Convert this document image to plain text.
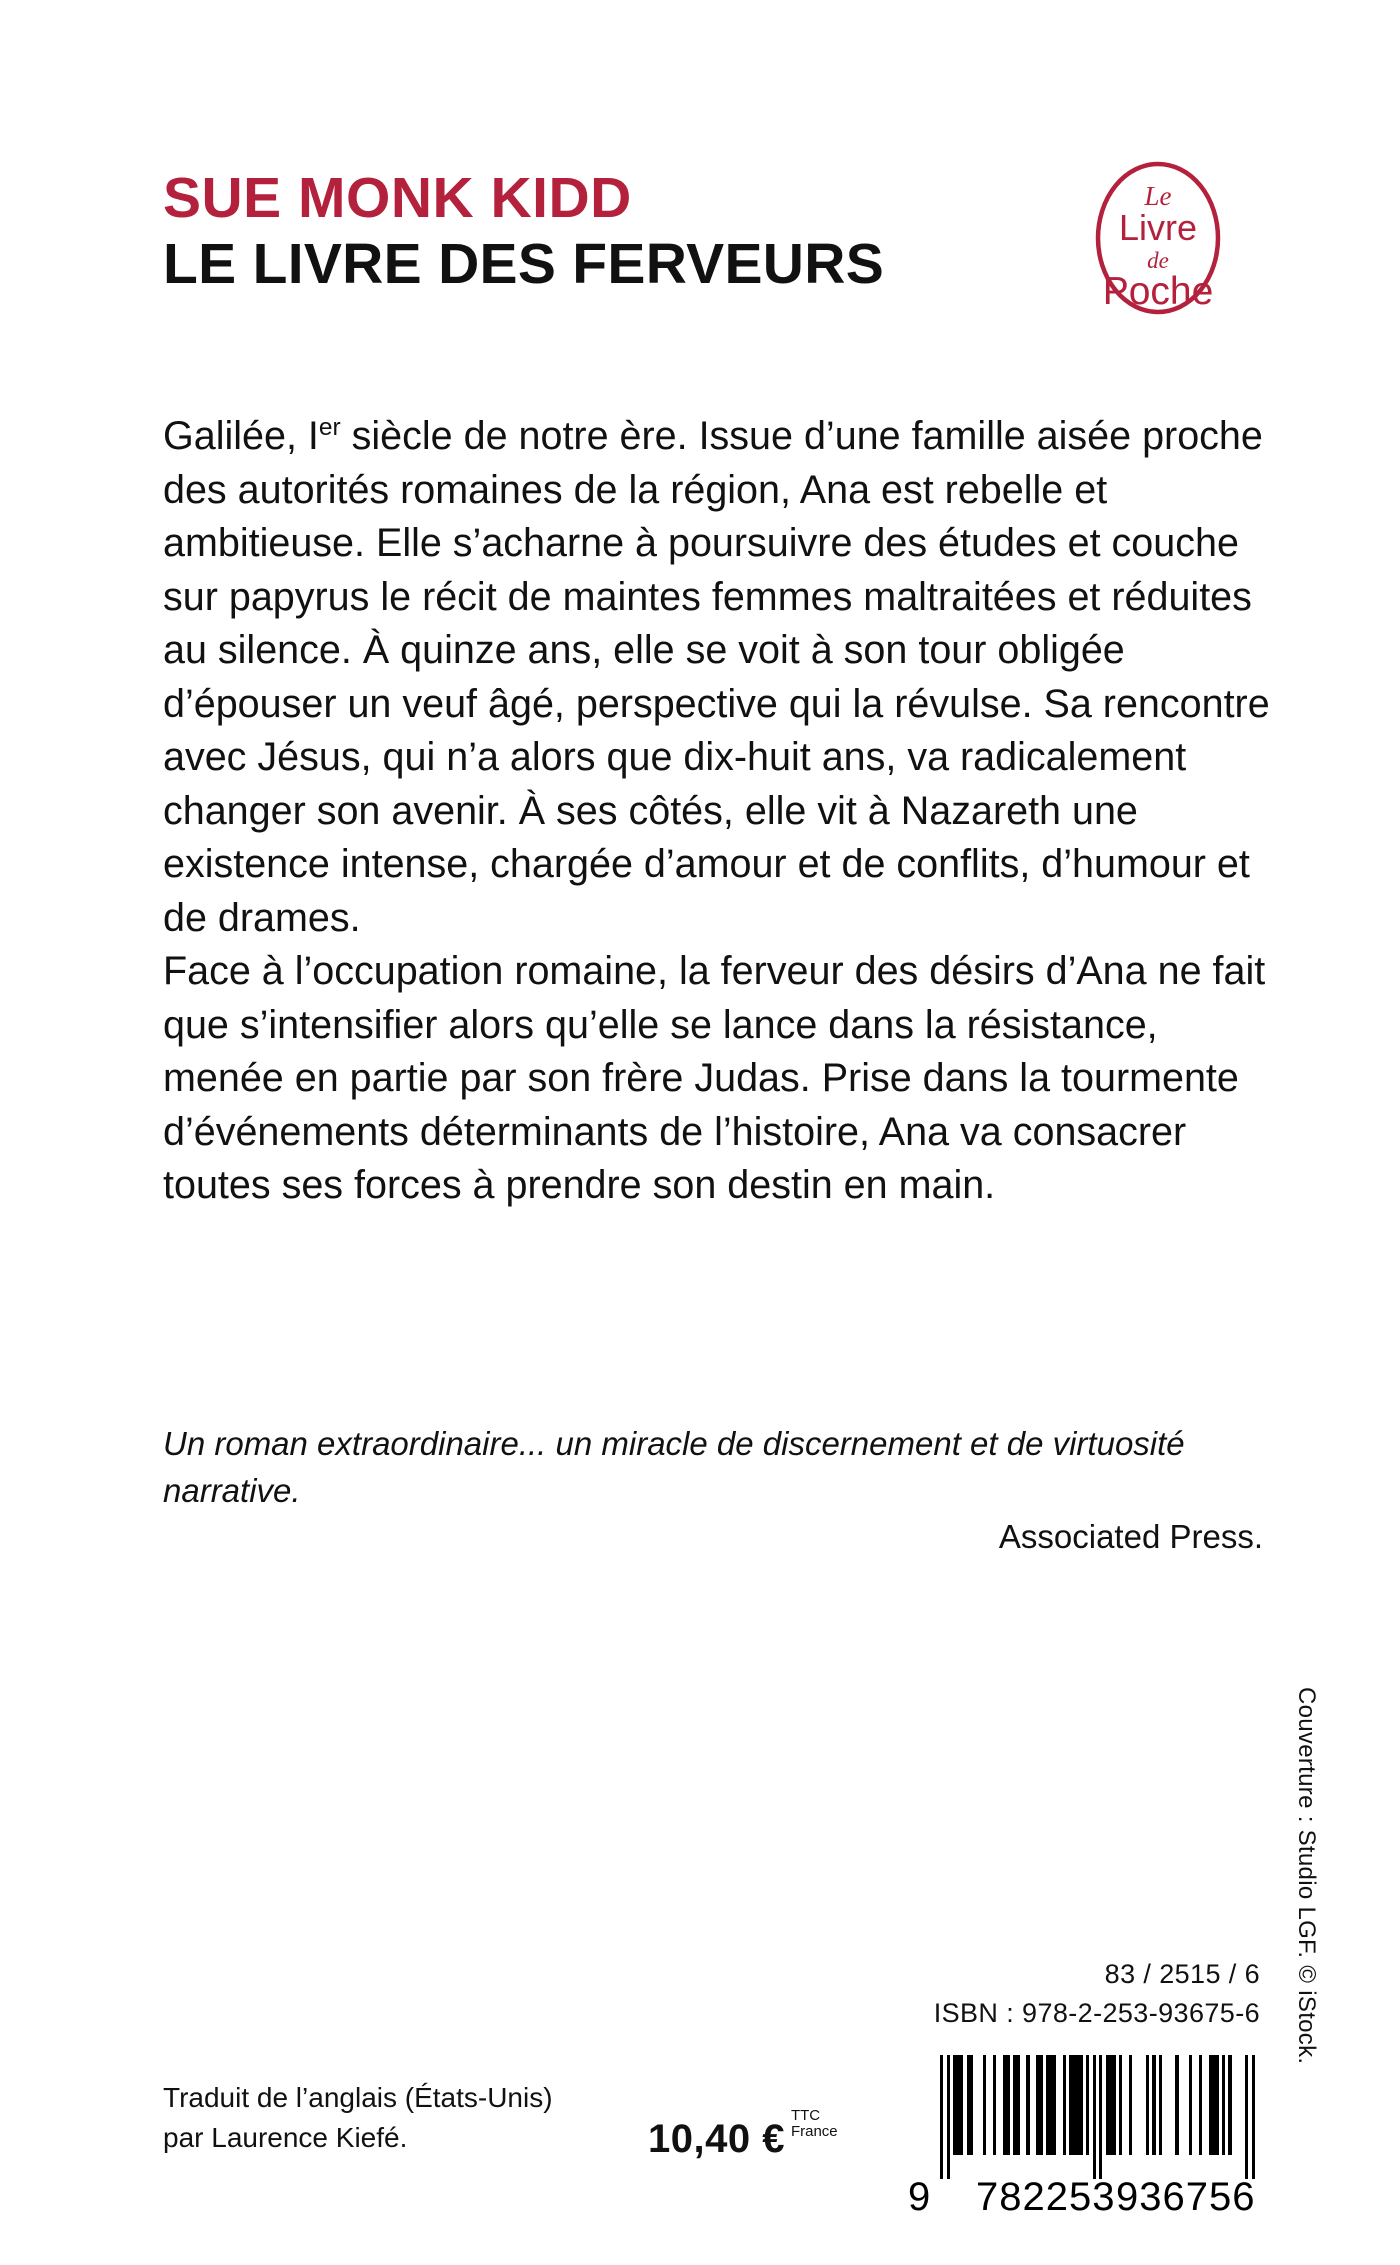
SUE MONK KIDD
LE LIVRE DES FERVEURS
Le
Livre
de
Poche

Galilée, Ier siècle de notre ère. Issue d’une famille aisée proche des autorités romaines de la région, Ana est rebelle et ambitieuse. Elle s’acharne à poursuivre des études et couche sur papyrus le récit de maintes femmes maltraitées et réduites au silence. À quinze ans, elle se voit à son tour obligée d’épouser un veuf âgé, perspective qui la révulse. Sa rencontre avec Jésus, qui n’a alors que dix-huit ans, va radicalement changer son avenir. À ses côtés, elle vit à Nazareth une existence intense, chargée d’amour et de conflits, d’humour et de drames.

Face à l’occupation romaine, la ferveur des désirs d’Ana ne fait que s’intensifier alors qu’elle se lance dans la résistance, menée en partie par son frère Judas. Prise dans la tourmente d’événements déterminants de l’histoire, Ana va consacrer toutes ses forces à prendre son destin en main.

Un roman extraordinaire... un miracle de discernement et de virtuosité narrative.

Associated Press.
Couverture : Studio LGF. © iStock.
83 / 2515 / 6
ISBN : 978-2-253-93675-6
9 782253 936756
Traduit de l’anglais (États-Unis)
par Laurence Kiefé.	10,40 €TTC
France
